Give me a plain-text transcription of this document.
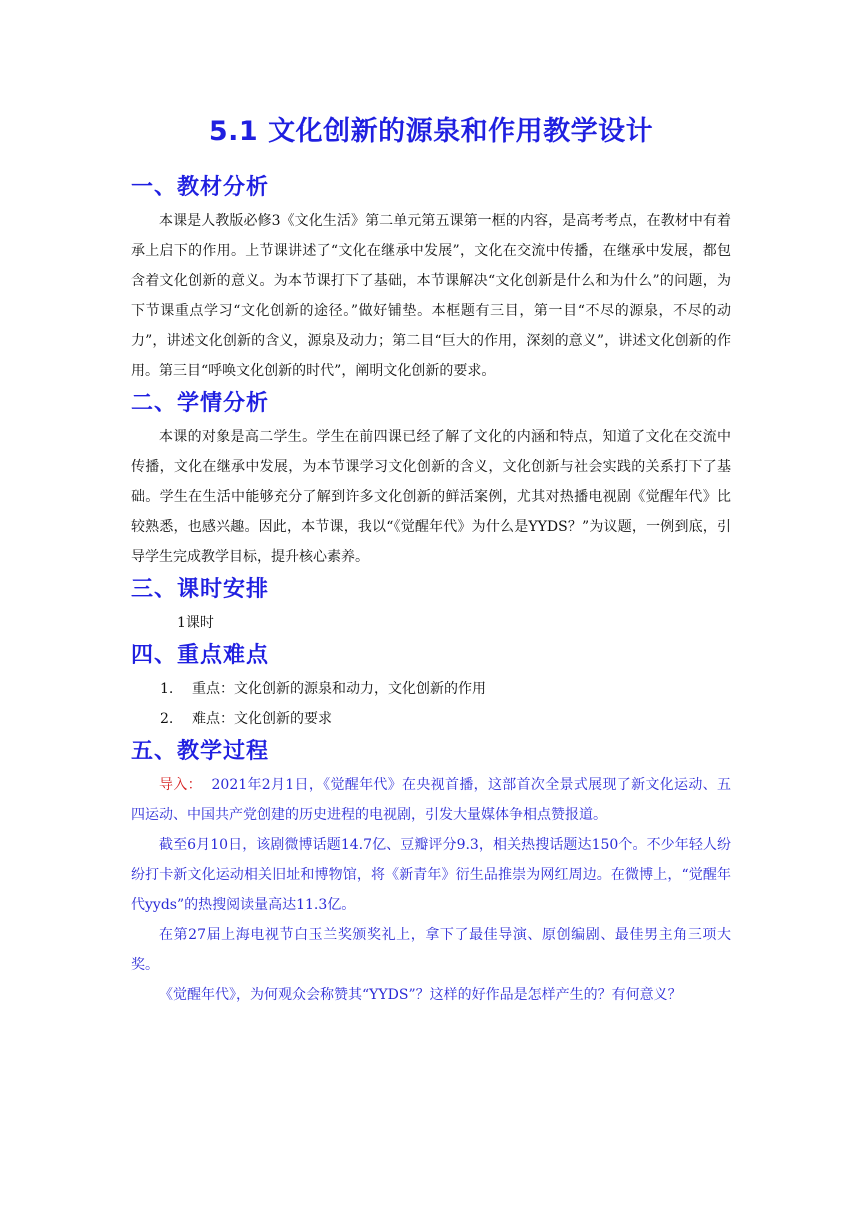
5.1 文化创新的源泉和作用教学设计
一、教材分析

本课是人教版必修3《文化生活》第二单元第五课第一框的内容，是高考考点，在教材中有着承上启下的作用。上节课讲述了“文化在继承中发展”，文化在交流中传播，在继承中发展，都包含着文化创新的意义。为本节课打下了基础，本节课解决“文化创新是什么和为什么”的问题，为下节课重点学习“文化创新的途径。”做好铺垫。本框题有三目，第一目“不尽的源泉，不尽的动力”，讲述文化创新的含义，源泉及动力；第二目“巨大的作用，深刻的意义”，讲述文化创新的作用。第三目“呼唤文化创新的时代”，阐明文化创新的要求。

二、学情分析

本课的对象是高二学生。学生在前四课已经了解了文化的内涵和特点，知道了文化在交流中传播，文化在继承中发展，为本节课学习文化创新的含义，文化创新与社会实践的关系打下了基础。学生在生活中能够充分了解到许多文化创新的鲜活案例，尤其对热播电视剧《觉醒年代》比较熟悉，也感兴趣。因此，本节课，我以“《觉醒年代》为什么是YYDS？”为议题，一例到底，引导学生完成教学目标，提升核心素养。

三、课时安排

1课时

四、重点难点
1. 重点：文化创新的源泉和动力，文化创新的作用
2. 难点：文化创新的要求
五、教学过程

导入： 2021年2月1日，《觉醒年代》在央视首播，这部首次全景式展现了新文化运动、五四运动、中国共产党创建的历史进程的电视剧，引发大量媒体争相点赞报道。

截至6月10日，该剧微博话题14.7亿、豆瓣评分9.3，相关热搜话题达150个。不少年轻人纷纷打卡新文化运动相关旧址和博物馆，将《新青年》衍生品推崇为网红周边。在微博上，“觉醒年代yyds”的热搜阅读量高达11.3亿。

在第27届上海电视节白玉兰奖颁奖礼上，拿下了最佳导演、原创编剧、最佳男主角三项大奖。

《觉醒年代》，为何观众会称赞其“YYDS”？这样的好作品是怎样产生的？有何意义？
